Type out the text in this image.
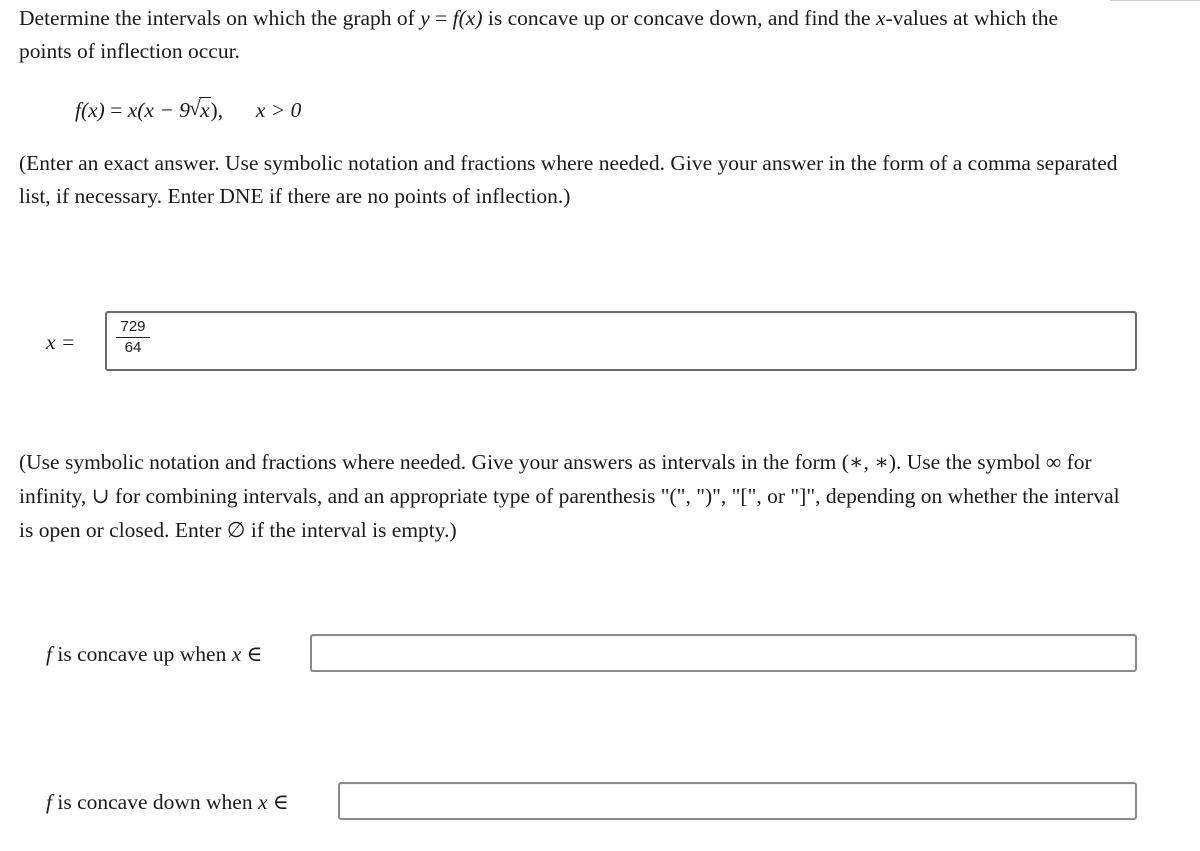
Determine the intervals on which the graph of y = f(x) is concave up or concave down, and find the x-values at which the
points of inflection occur.

f(x) = x(x − 9 √ x), x > 0

(Enter an exact answer. Use symbolic notation and fractions where needed. Give your answer in the form of a comma separated
list, if necessary. Enter DNE if there are no points of inflection.)

x =
729
64

(Use symbolic notation and fractions where needed. Give your answers as intervals in the form (∗, ∗). Use the symbol ∞ for
infinity, ∪ for combining intervals, and an appropriate type of parenthesis "(", ")", "[", or "]", depending on whether the interval
is open or closed. Enter ∅ if the interval is empty.)

f is concave up when x ∈
f is concave down when x ∈
